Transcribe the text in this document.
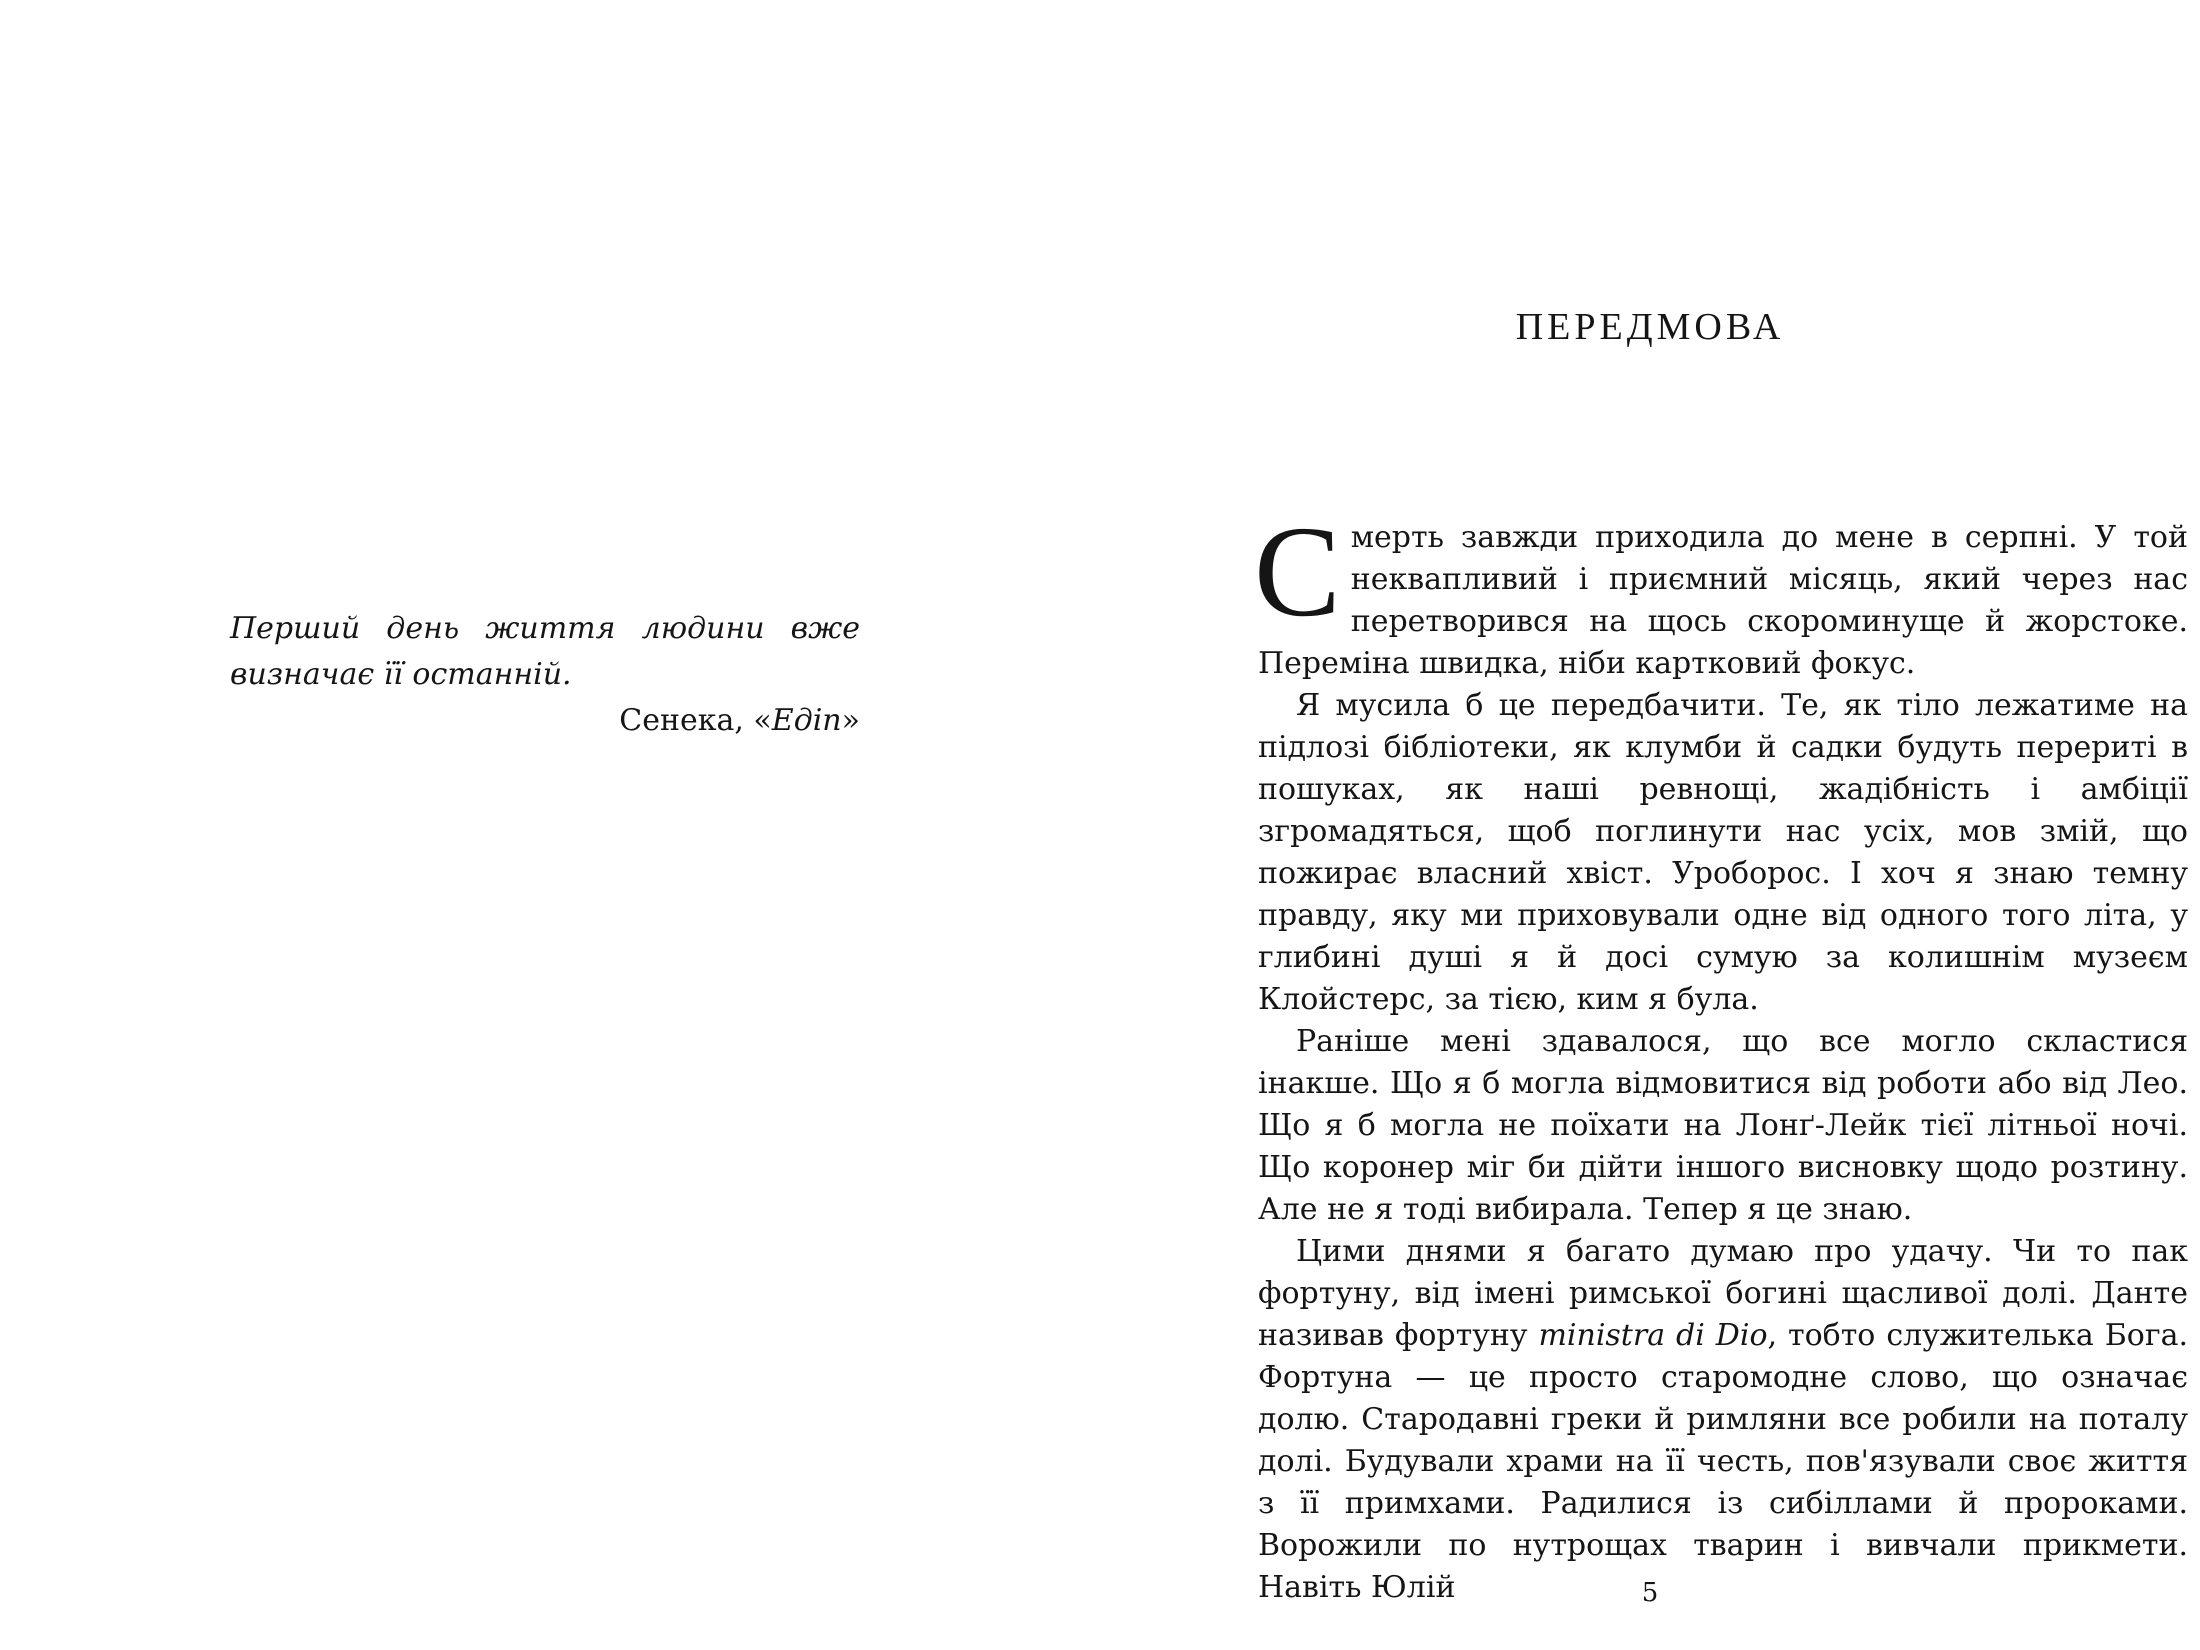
Перший день життя людини вже визначає її останній.

Сенека, «Едіп»

ПЕРЕДМОВА

Смерть завжди приходила до мене в серпні. У той неквапливий і приємний місяць, який через нас перетворився на щось скороминуще й жорстоке. Переміна швидка, ніби картковий фокус.

Я мусила б це передбачити. Те, як тіло лежатиме на підлозі бібліотеки, як клумби й садки будуть перериті в пошуках, як наші ревнощі, жадібність і амбіції згромадяться, щоб поглинути нас усіх, мов змій, що пожирає власний хвіст. Уроборос. І хоч я знаю темну правду, яку ми приховували одне від одного того літа, у глибині душі я й досі сумую за колишнім музеєм Клойстерс, за тією, ким я була.

Раніше мені здавалося, що все могло скластися інакше. Що я б могла відмовитися від роботи або від Лео. Що я б могла не поїхати на Лонґ-Лейк тієї літньої ночі. Що коронер міг би дійти іншого висновку щодо розтину. Але не я тоді вибирала. Тепер я це знаю.

Цими днями я багато думаю про удачу. Чи то пак фортуну, від імені римської богині щасливої долі. Данте називав фортуну ministra di Dio, тобто служителька Бога. Фортуна — це просто старомодне слово, що означає долю. Стародавні греки й римляни все робили на поталу долі. Будували храми на її честь, пов'язували своє життя з її примхами. Радилися із сибіллами й пророками. Ворожили по нутрощах тварин і вивчали прикмети. Навіть Юлій	5
